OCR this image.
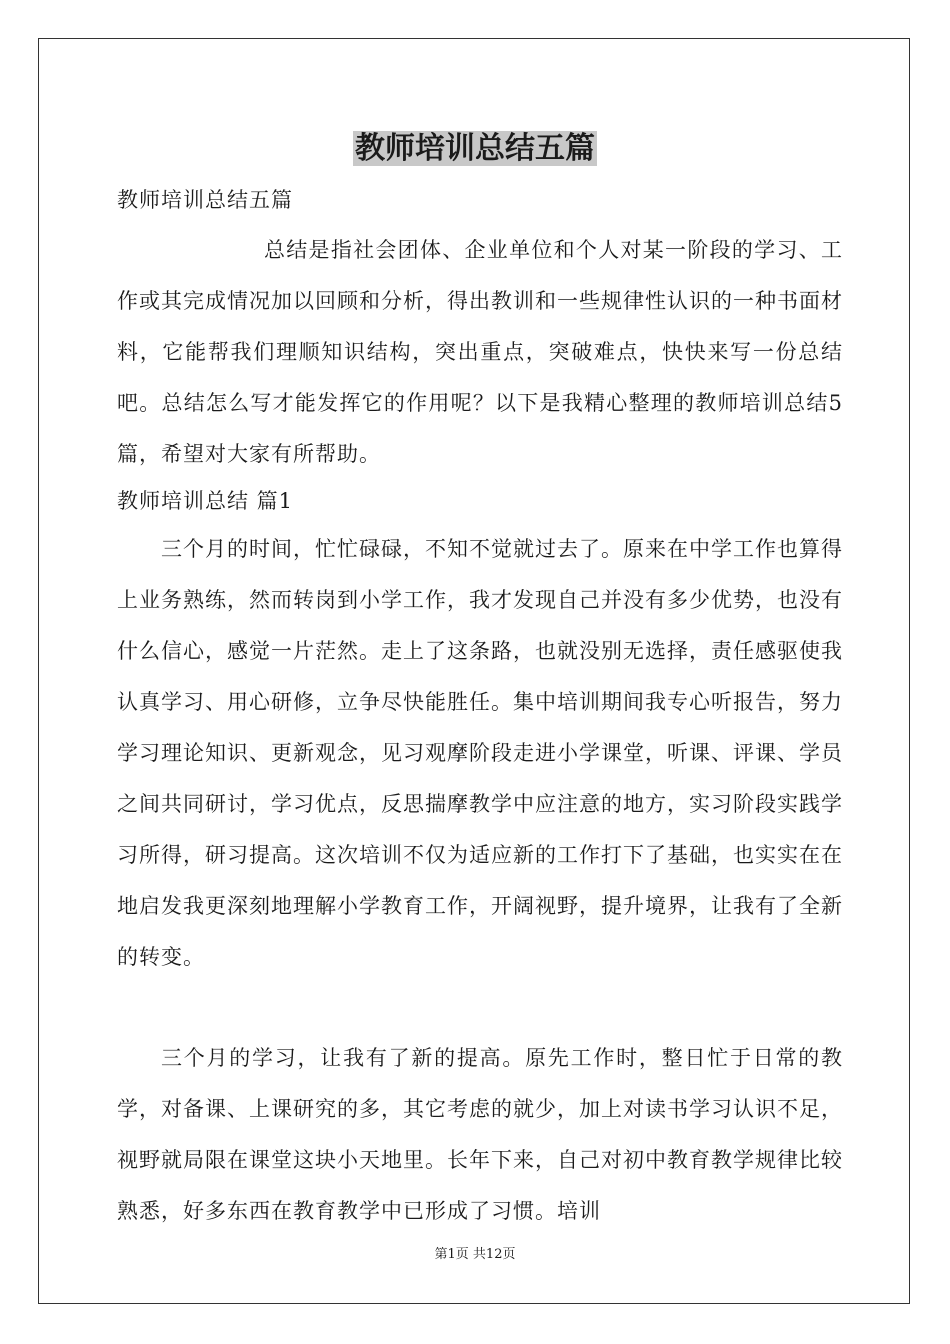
教师培训总结五篇

教师培训总结五篇

总结是指社会团体、企业单位和个人对某一阶段的学习、工作或其完成情况加以回顾和分析，得出教训和一些规律性认识的一种书面材料，它能帮我们理顺知识结构，突出重点，突破难点，快快来写一份总结吧。总结怎么写才能发挥它的作用呢？以下是我精心整理的教师培训总结5篇，希望对大家有所帮助。

教师培训总结 篇1

三个月的时间，忙忙碌碌，不知不觉就过去了。原来在中学工作也算得上业务熟练，然而转岗到小学工作，我才发现自己并没有多少优势，也没有什么信心，感觉一片茫然。走上了这条路，也就没别无选择，责任感驱使我认真学习、用心研修，立争尽快能胜任。集中培训期间我专心听报告，努力学习理论知识、更新观念，见习观摩阶段走进小学课堂，听课、评课、学员之间共同研讨，学习优点，反思揣摩教学中应注意的地方，实习阶段实践学习所得，研习提高。这次培训不仅为适应新的工作打下了基础，也实实在在地启发我更深刻地理解小学教育工作，开阔视野，提升境界，让我有了全新的转变。

三个月的学习，让我有了新的提高。原先工作时，整日忙于日常的教学，对备课、上课研究的多，其它考虑的就少，加上对读书学习认识不足，视野就局限在课堂这块小天地里。长年下来，自己对初中教育教学规律比较熟悉，好多东西在教育教学中已形成了习惯。培训

第1页 共12页
